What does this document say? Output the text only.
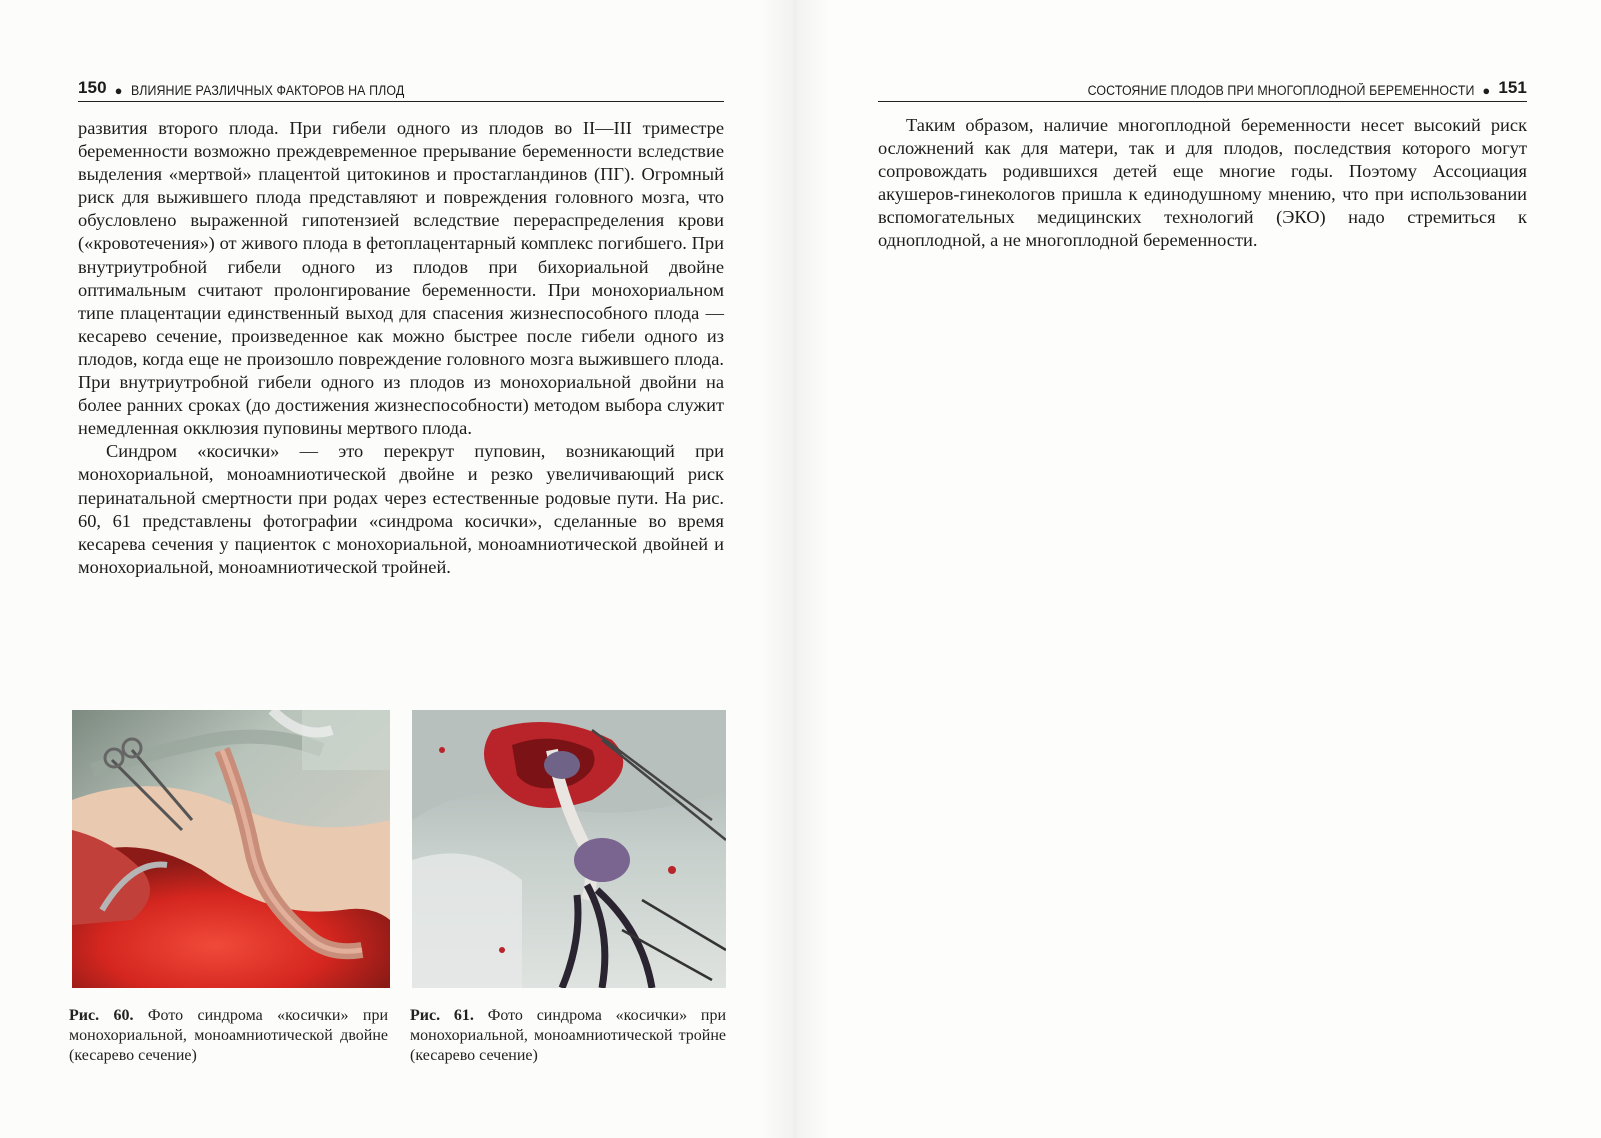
150 ● ВЛИЯНИЕ РАЗЛИЧНЫХ ФАКТОРОВ НА ПЛОД

развития второго плода. При гибели одного из плодов во II—III триместре беременности возможно преждевременное прерывание беременности вследствие выделения «мертвой» плацентой цитокинов и простагландинов (ПГ). Огромный риск для выжившего плода представляют и повреждения головного мозга, что обусловлено выраженной гипотензией вследствие перераспределения крови («кровотечения») от живого плода в фетоплацентарный комплекс погибшего. При внутриутробной гибели одного из плодов при бихориальной двойне оптимальным считают пролонгирование беременности. При монохориальном типе плацентации единственный выход для спасения жизнеспособного плода — кесарево сечение, произведенное как можно быстрее после гибели одного из плодов, когда еще не произошло повреждение головного мозга выжившего плода. При внутриутробной гибели одного из плодов из монохориальной двойни на более ранних сроках (до достижения жизнеспособности) методом выбора служит немедленная окклюзия пуповины мертвого плода.

Синдром «косички» — это перекрут пуповин, возникающий при монохориальной, моноамниотической двойне и резко увеличивающий риск перинатальной смертности при родах через естественные родовые пути. На рис. 60, 61 представлены фотографии «синдрома косички», сделанные во время кесарева сечения у пациенток с монохориальной, моноамниотической двойней и монохориальной, моноамниотической тройней.

Рис. 60. Фото синдрома «косички» при монохориальной, моноамниотической двойне (кесарево сечение)
Рис. 61. Фото синдрома «косички» при монохориальной, моноамниотической тройне (кесарево сечение)
СОСТОЯНИЕ ПЛОДОВ ПРИ МНОГОПЛОДНОЙ БЕРЕМЕННОСТИ ● 151

Таким образом, наличие многоплодной беременности несет высокий риск осложнений как для матери, так и для плодов, последствия которого могут сопровождать родившихся детей еще многие годы. Поэтому Ассоциация акушеров-гинекологов пришла к единодушному мнению, что при использовании вспомогательных медицинских технологий (ЭКО) надо стремиться к одноплодной, а не многоплодной беременности.
